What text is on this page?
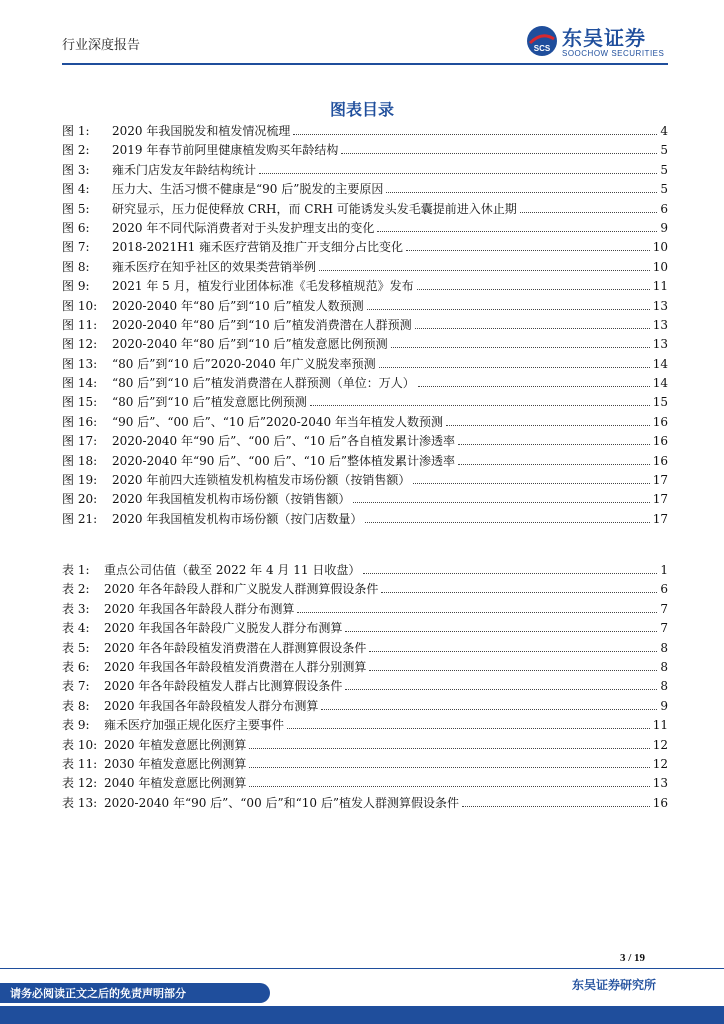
行业深度报告	SCS 东吴证券
SOOCHOW SECURITIES
图表目录
图 1:	2020 年我国脱发和植发情况梳理	4
图 2:	2019 年春节前阿里健康植发购买年龄结构	5
图 3:	雍禾门店发友年龄结构统计	5
图 4:	压力大、生活习惯不健康是“90 后”脱发的主要原因	5
图 5:	研究显示，压力促使释放 CRH，而 CRH 可能诱发头发毛囊提前进入休止期	6
图 6:	2020 年不同代际消费者对于头发护理支出的变化	9
图 7:	2018-2021H1 雍禾医疗营销及推广开支细分占比变化	10
图 8:	雍禾医疗在知乎社区的效果类营销举例	10
图 9:	2021 年 5 月，植发行业团体标准《毛发移植规范》发布	11
图 10:	2020-2040 年“80 后”到“10 后”植发人数预测	13
图 11:	2020-2040 年“80 后”到“10 后”植发消费潜在人群预测	13
图 12:	2020-2040 年“80 后”到“10 后”植发意愿比例预测	13
图 13:	“80 后”到“10 后”2020-2040 年广义脱发率预测	14
图 14:	“80 后”到“10 后”植发消费潜在人群预测（单位：万人）	14
图 15:	“80 后”到“10 后”植发意愿比例预测	15
图 16:	“90 后”、“00 后”、“10 后”2020-2040 年当年植发人数预测	16
图 17:	2020-2040 年“90 后”、“00 后”、“10 后”各自植发累计渗透率	16
图 18:	2020-2040 年“90 后”、“00 后”、“10 后”整体植发累计渗透率	16
图 19:	2020 年前四大连锁植发机构植发市场份额（按销售额）	17
图 20:	2020 年我国植发机构市场份额（按销售额）	17
图 21:	2020 年我国植发机构市场份额（按门店数量）	17
表 1:	重点公司估值（截至 2022 年 4 月 11 日收盘）	1
表 2:	2020 年各年龄段人群和广义脱发人群测算假设条件	6
表 3:	2020 年我国各年龄段人群分布测算	7
表 4:	2020 年我国各年龄段广义脱发人群分布测算	7
表 5:	2020 年各年龄段植发消费潜在人群测算假设条件	8
表 6:	2020 年我国各年龄段植发消费潜在人群分别测算	8
表 7:	2020 年各年龄段植发人群占比测算假设条件	8
表 8:	2020 年我国各年龄段植发人群分布测算	9
表 9:	雍禾医疗加强正规化医疗主要事件	11
表 10: 2020 年植发意愿比例测算	12
表 11: 2030 年植发意愿比例测算	12
表 12: 2040 年植发意愿比例测算	13
表 13: 2020-2040 年“90 后”、“00 后”和“10 后”植发人群测算假设条件	16
3 / 19
东吴证券研究所
请务必阅读正文之后的免责声明部分
